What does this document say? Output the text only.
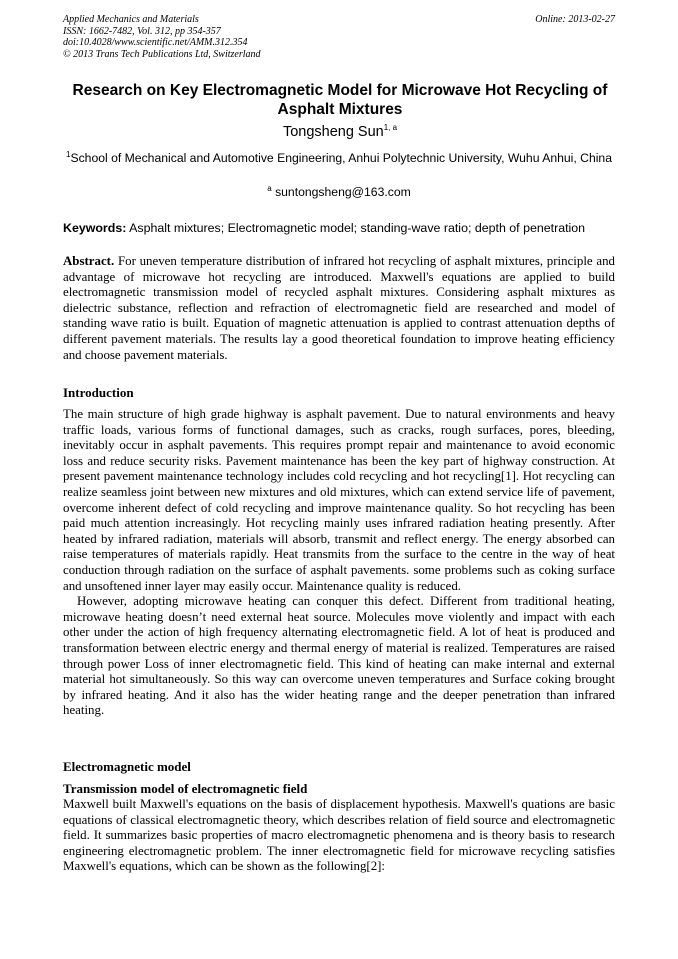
Applied Mechanics and Materials
ISSN: 1662-7482, Vol. 312, pp 354-357
doi:10.4028/www.scientific.net/AMM.312.354
© 2013 Trans Tech Publications Ltd, Switzerland
Online: 2013-02-27
Research on Key Electromagnetic Model for Microwave Hot Recycling of Asphalt Mixtures
Tongsheng Sun$^{1, a}$
$^1$School of Mechanical and Automotive Engineering, Anhui Polytechnic University, Wuhu Anhui, China
$^a$ suntongsheng@163.com
Keywords: Asphalt mixtures; Electromagnetic model; standing-wave ratio; depth of penetration

Abstract. For uneven temperature distribution of infrared hot recycling of asphalt mixtures, principle and advantage of microwave hot recycling are introduced. Maxwell's equations are applied to build electromagnetic transmission model of recycled asphalt mixtures. Considering asphalt mixtures as dielectric substance, reflection and refraction of electromagnetic field are researched and model of standing wave ratio is built. Equation of magnetic attenuation is applied to contrast attenuation depths of different pavement materials. The results lay a good theoretical foundation to improve heating efficiency and choose pavement materials.

Introduction

The main structure of high grade highway is asphalt pavement. Due to natural environments and heavy traffic loads, various forms of functional damages, such as cracks, rough surfaces, pores, bleeding, inevitably occur in asphalt pavements. This requires prompt repair and maintenance to avoid economic loss and reduce security risks. Pavement maintenance has been the key part of highway construction. At present pavement maintenance technology includes cold recycling and hot recycling[1]. Hot recycling can realize seamless joint between new mixtures and old mixtures, which can extend service life of pavement, overcome inherent defect of cold recycling and improve maintenance quality. So hot recycling has been paid much attention increasingly. Hot recycling mainly uses infrared radiation heating presently. After heated by infrared radiation, materials will absorb, transmit and reflect energy. The energy absorbed can raise temperatures of materials rapidly. Heat transmits from the surface to the centre in the way of heat conduction through radiation on the surface of asphalt pavements. some problems such as coking surface and unsoftened inner layer may easily occur. Maintenance quality is reduced.

However, adopting microwave heating can conquer this defect. Different from traditional heating, microwave heating doesn’t need external heat source. Molecules move violently and impact with each other under the action of high frequency alternating electromagnetic field. A lot of heat is produced and transformation between electric energy and thermal energy of material is realized. Temperatures are raised through power Loss of inner electromagnetic field. This kind of heating can make internal and external material hot simultaneously. So this way can overcome uneven temperatures and Surface coking brought by infrared heating. And it also has the wider heating range and the deeper penetration than infrared heating.

Electromagnetic model
Transmission model of electromagnetic field

Maxwell built Maxwell's equations on the basis of displacement hypothesis. Maxwell's quations are basic equations of classical electromagnetic theory, which describes relation of field source and electromagnetic field. It summarizes basic properties of macro electromagnetic phenomena and is theory basis to research engineering electromagnetic problem. The inner electromagnetic field for microwave recycling satisfies Maxwell's equations, which can be shown as the following[2]:
